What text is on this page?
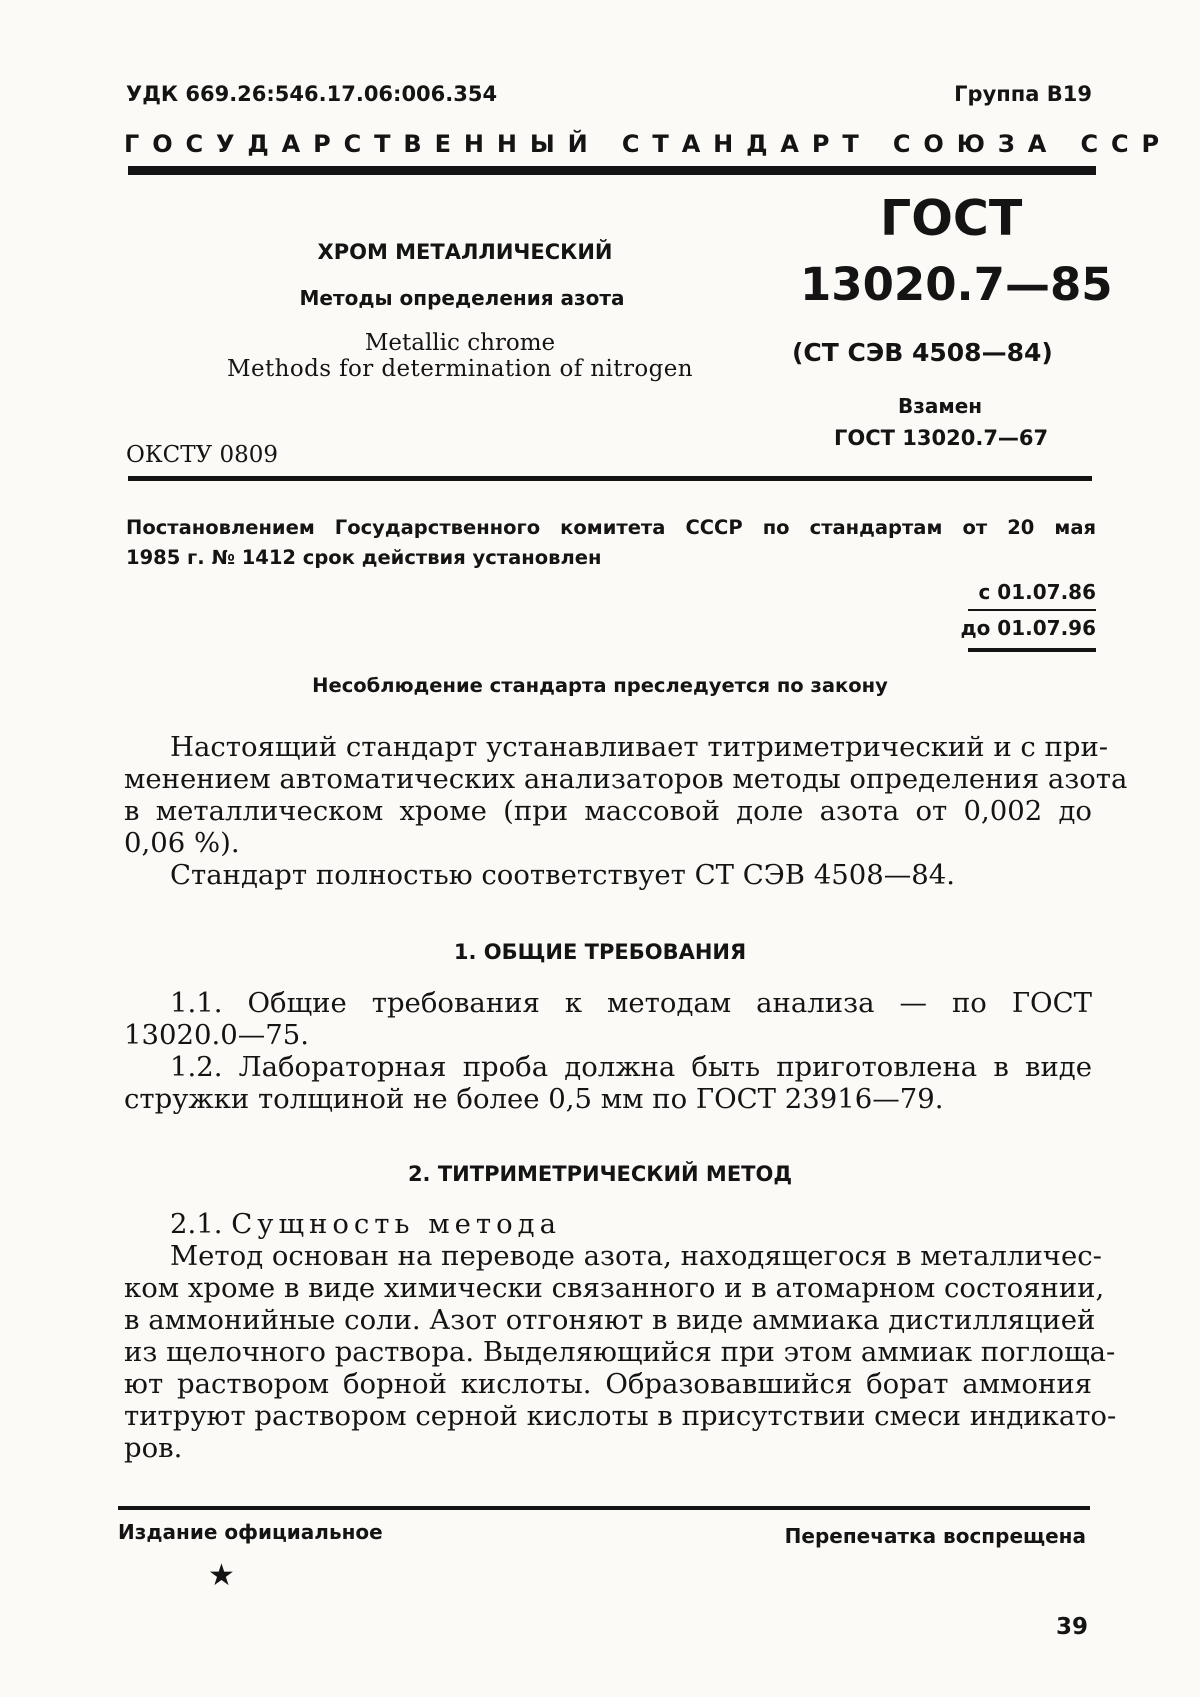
УДК 669.26:546.17.06:006.354	Группа В19
ГОСУДАРСТВЕННЫЙ СТАНДАРТ СОЮЗА ССР
ХРОМ МЕТАЛЛИЧЕСКИЙ
Методы определения азота
Metallic chrome
Methods for determination of nitrogen
ОКСТУ 0809
ГОСТ
13020.7—85
(СТ СЭВ 4508—84)
Взамен
ГОСТ 13020.7—67
Постановлением Государственного комитета СССР по стандартам от 20 мая
1985 г. № 1412 срок действия установлен
с 01.07.86
до 01.07.96
Несоблюдение стандарта преследуется по закону
Настоящий стандарт устанавливает титриметрический и с при-
менением автоматических анализаторов методы определения азота
в металлическом хроме (при массовой доле азота от 0,002 до
0,06 %).
Стандарт полностью соответствует СТ СЭВ 4508—84.
1. ОБЩИЕ ТРЕБОВАНИЯ
1.1. Общие требования к методам анализа — по ГОСТ
13020.0—75.
1.2. Лабораторная проба должна быть приготовлена в виде
стружки толщиной не более 0,5 мм по ГОСТ 23916—79.
2. ТИТРИМЕТРИЧЕСКИЙ МЕТОД
2.1. Сущность метода
Метод основан на переводе азота, находящегося в металличес-
ком хроме в виде химически связанного и в атомарном состоянии,
в аммонийные соли. Азот отгоняют в виде аммиака дистилляцией
из щелочного раствора. Выделяющийся при этом аммиак поглоща-
ют раствором борной кислоты. Образовавшийся борат аммония
титруют раствором серной кислоты в присутствии смеси индикато-
ров.
Издание официальное	Перепечатка воспрещена
★
39
